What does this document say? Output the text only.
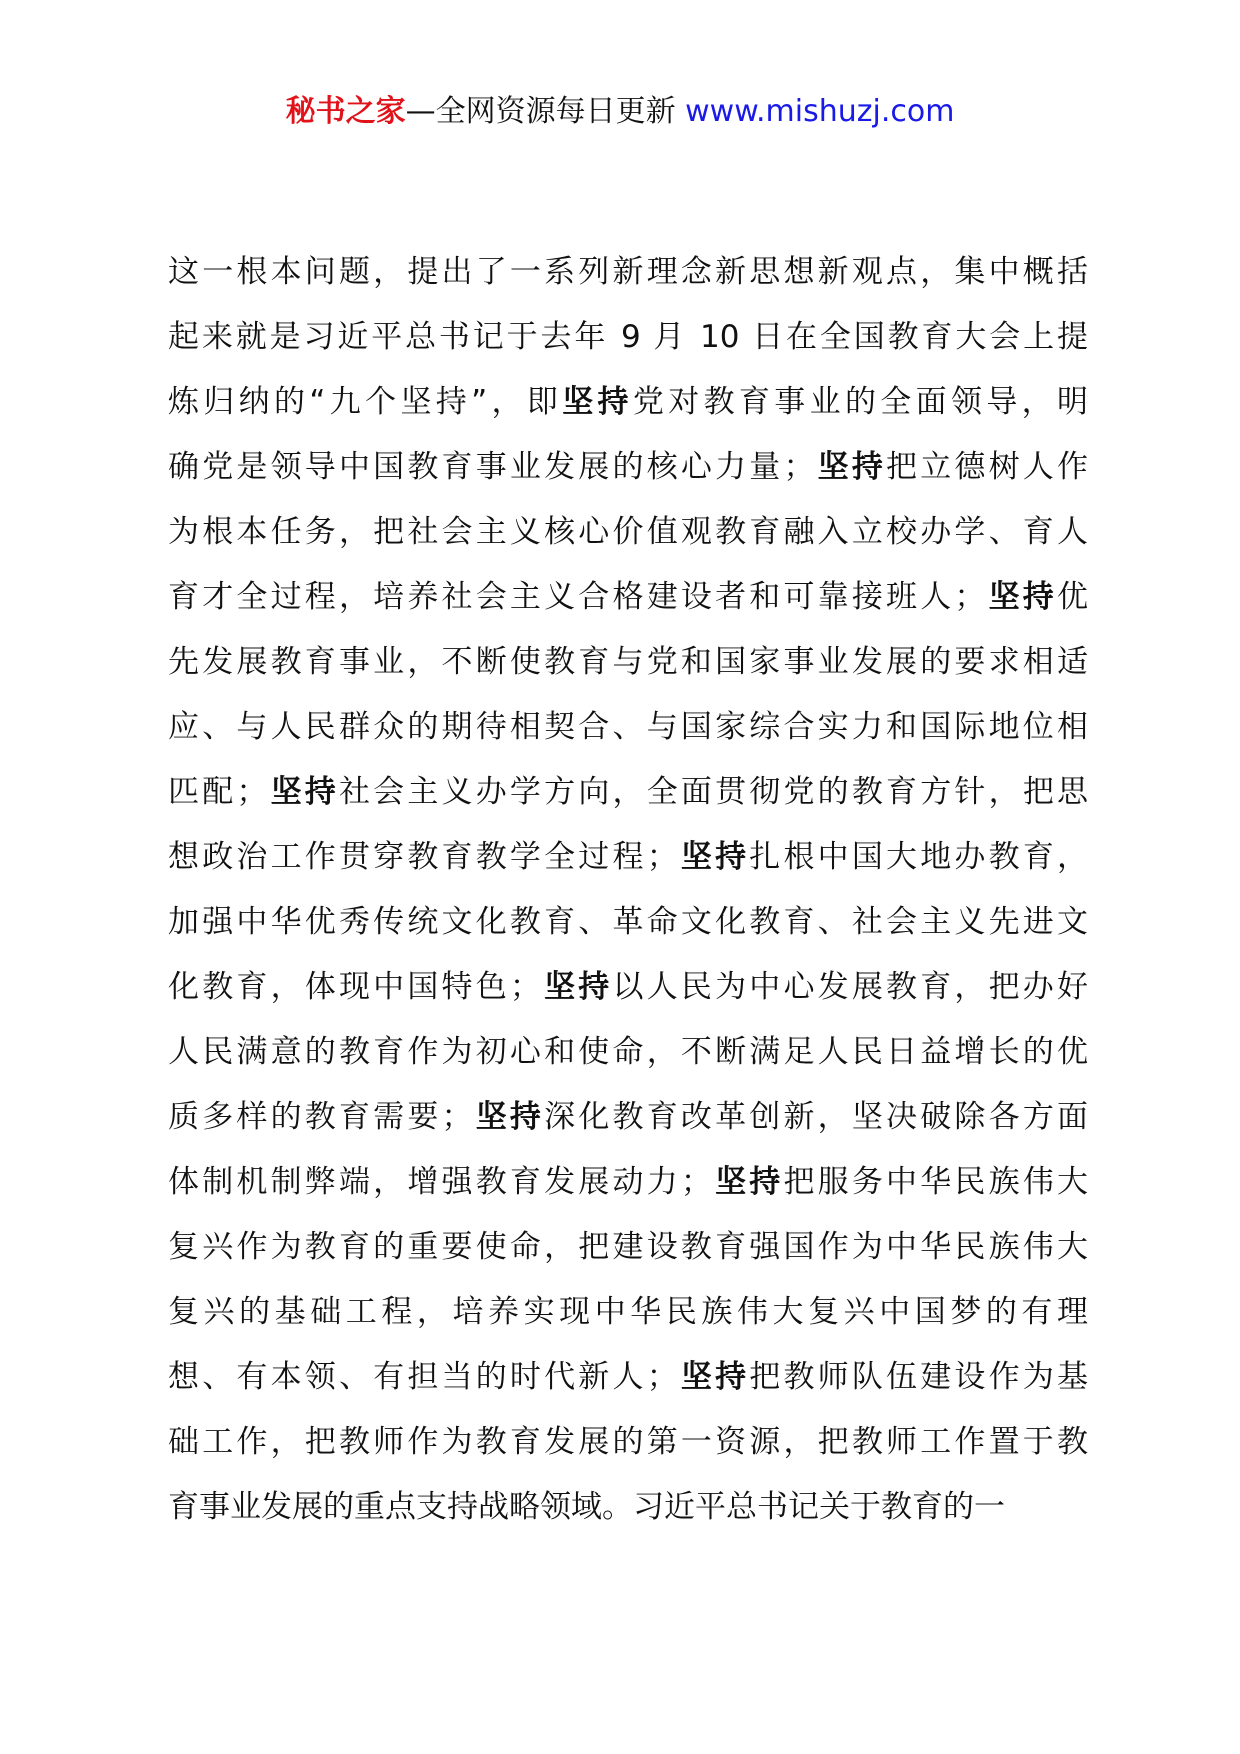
秘书之家—全网资源每日更新 www.mishuzj.com
这一根本问题，提出了一系列新理念新思想新观点，集中概括
起来就是习近平总书记于去年 9 月 10 日在全国教育大会上提
炼归纳的“九个坚持”，即坚持党对教育事业的全面领导，明
确党是领导中国教育事业发展的核心力量；坚持把立德树人作
为根本任务，把社会主义核心价值观教育融入立校办学、育人
育才全过程，培养社会主义合格建设者和可靠接班人；坚持优
先发展教育事业，不断使教育与党和国家事业发展的要求相适
应、与人民群众的期待相契合、与国家综合实力和国际地位相
匹配；坚持社会主义办学方向，全面贯彻党的教育方针，把思
想政治工作贯穿教育教学全过程；坚持扎根中国大地办教育，
加强中华优秀传统文化教育、革命文化教育、社会主义先进文
化教育，体现中国特色；坚持以人民为中心发展教育，把办好
人民满意的教育作为初心和使命，不断满足人民日益增长的优
质多样的教育需要；坚持深化教育改革创新，坚决破除各方面
体制机制弊端，增强教育发展动力；坚持把服务中华民族伟大
复兴作为教育的重要使命，把建设教育强国作为中华民族伟大
复兴的基础工程，培养实现中华民族伟大复兴中国梦的有理
想、有本领、有担当的时代新人；坚持把教师队伍建设作为基
础工作，把教师作为教育发展的第一资源，把教师工作置于教
育事业发展的重点支持战略领域。习近平总书记关于教育的一
